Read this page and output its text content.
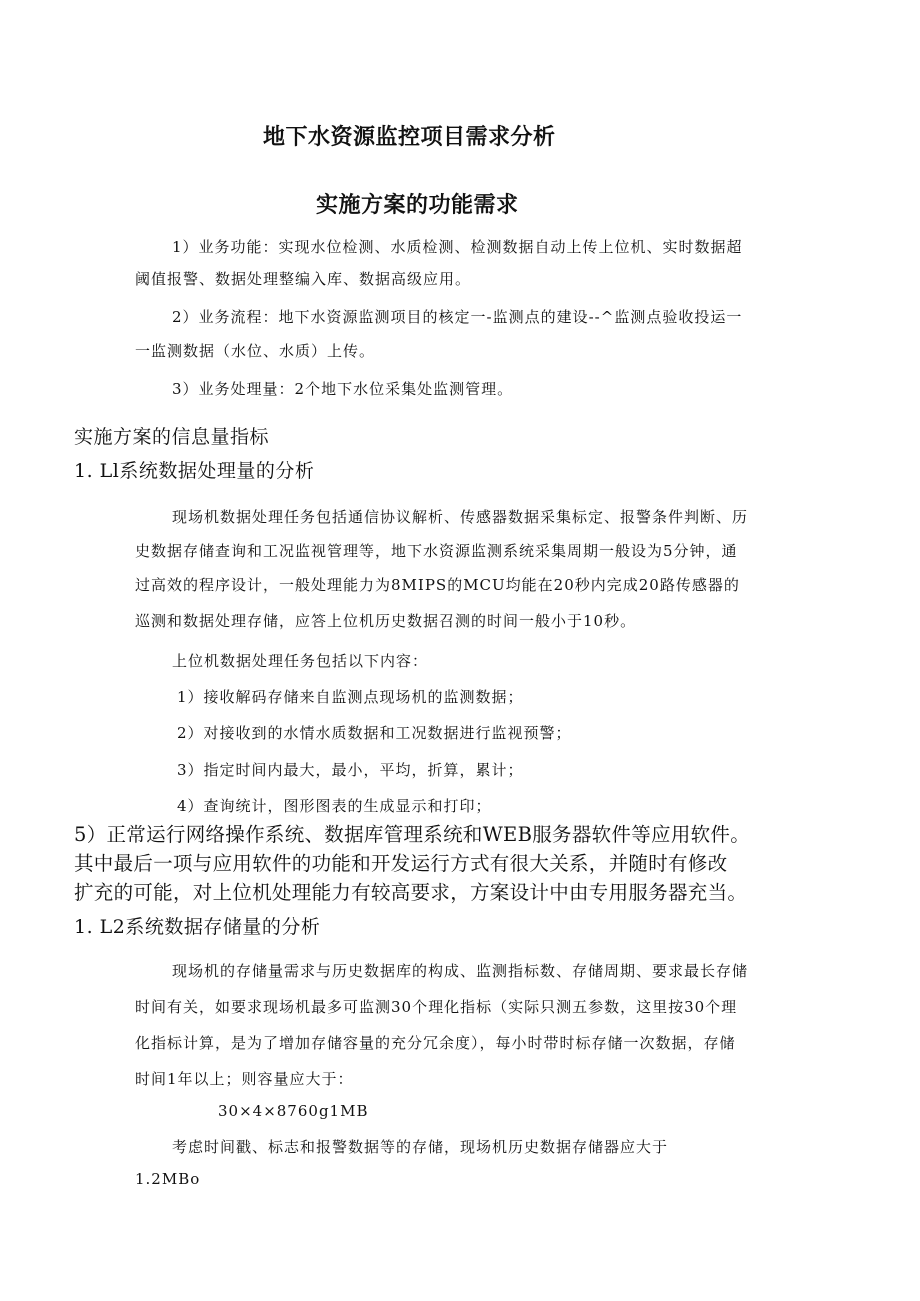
地下水资源监控项目需求分析
实施方案的功能需求
1）业务功能：实现水位检测、水质检测、检测数据自动上传上位机、实时数据超
阈值报警、数据处理整编入库、数据高级应用。
2）业务流程：地下水资源监测项目的核定一-监测点的建设--^监测点验收投运一
一监测数据（水位、水质）上传。
3）业务处理量：2个地下水位采集处监测管理。
实施方案的信息量指标
1. Ll系统数据处理量的分析
现场机数据处理任务包括通信协议解析、传感器数据采集标定、报警条件判断、历
史数据存储查询和工况监视管理等，地下水资源监测系统采集周期一般设为5分钟，通
过高效的程序设计，一般处理能力为8MIPS的MCU均能在20秒内完成20路传感器的
巡测和数据处理存储，应答上位机历史数据召测的时间一般小于10秒。
上位机数据处理任务包括以下内容：
1）接收解码存储来自监测点现场机的监测数据；
2）对接收到的水情水质数据和工况数据进行监视预警；
3）指定时间内最大，最小，平均，折算，累计；
4）查询统计，图形图表的生成显示和打印；
5）正常运行网络操作系统、数据库管理系统和WEB服务器软件等应用软件。
其中最后一项与应用软件的功能和开发运行方式有很大关系，并随时有修改
扩充的可能，对上位机处理能力有较高要求，方案设计中由专用服务器充当。
1. L2系统数据存储量的分析
现场机的存储量需求与历史数据库的构成、监测指标数、存储周期、要求最长存储
时间有关，如要求现场机最多可监测30个理化指标（实际只测五参数，这里按30个理
化指标计算，是为了增加存储容量的充分冗余度），每小时带时标存储一次数据，存储
时间1年以上；则容量应大于：
30×4×8760g1MB
考虑时间戳、标志和报警数据等的存储，现场机历史数据存储器应大于
1.2MBo
